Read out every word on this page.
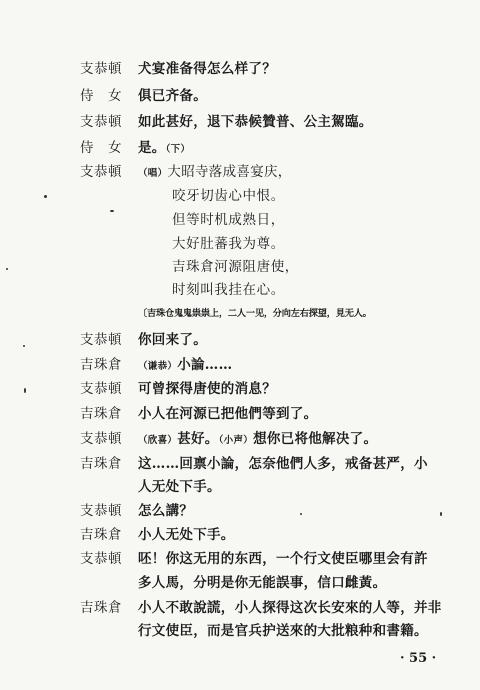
支恭頓	犬宴准备得怎么样了？
侍　女	俱已齐备。
支恭頓	如此甚好，退下恭候贊普、公主駕臨。
侍　女	是。（下）
支恭頓	（唱）大昭寺落成喜宴庆，
咬牙切齿心中恨。
但等时机成熟日，
大好肚蕃我为尊。
吉珠倉河源阻唐使，
时刻叫我挂在心。
〔吉珠仓鬼鬼祟祟上，二人一见，分向左右探望，見无人。
支恭頓	你回来了。
吉珠倉	（谦恭）小論……
支恭頓	可曾探得唐使的消息？
吉珠倉	小人在河源已把他們等到了。
支恭頓	（欣喜）甚好。（小声）想你已将他解决了。
吉珠倉	这……回禀小論，怎奈他們人多，戒备甚严，小
人无处下手。
支恭頓	怎么講？
吉珠倉	小人无处下手。
支恭頓	呸！你这无用的东西，一个行文使臣哪里会有許
多人馬，分明是你无能誤事，信口雌黃。
吉珠倉	小人不敢說謊，小人探得这次长安來的人等，并非
行文使臣，而是官兵护送來的大批粮种和書籍。
· 55 ·
